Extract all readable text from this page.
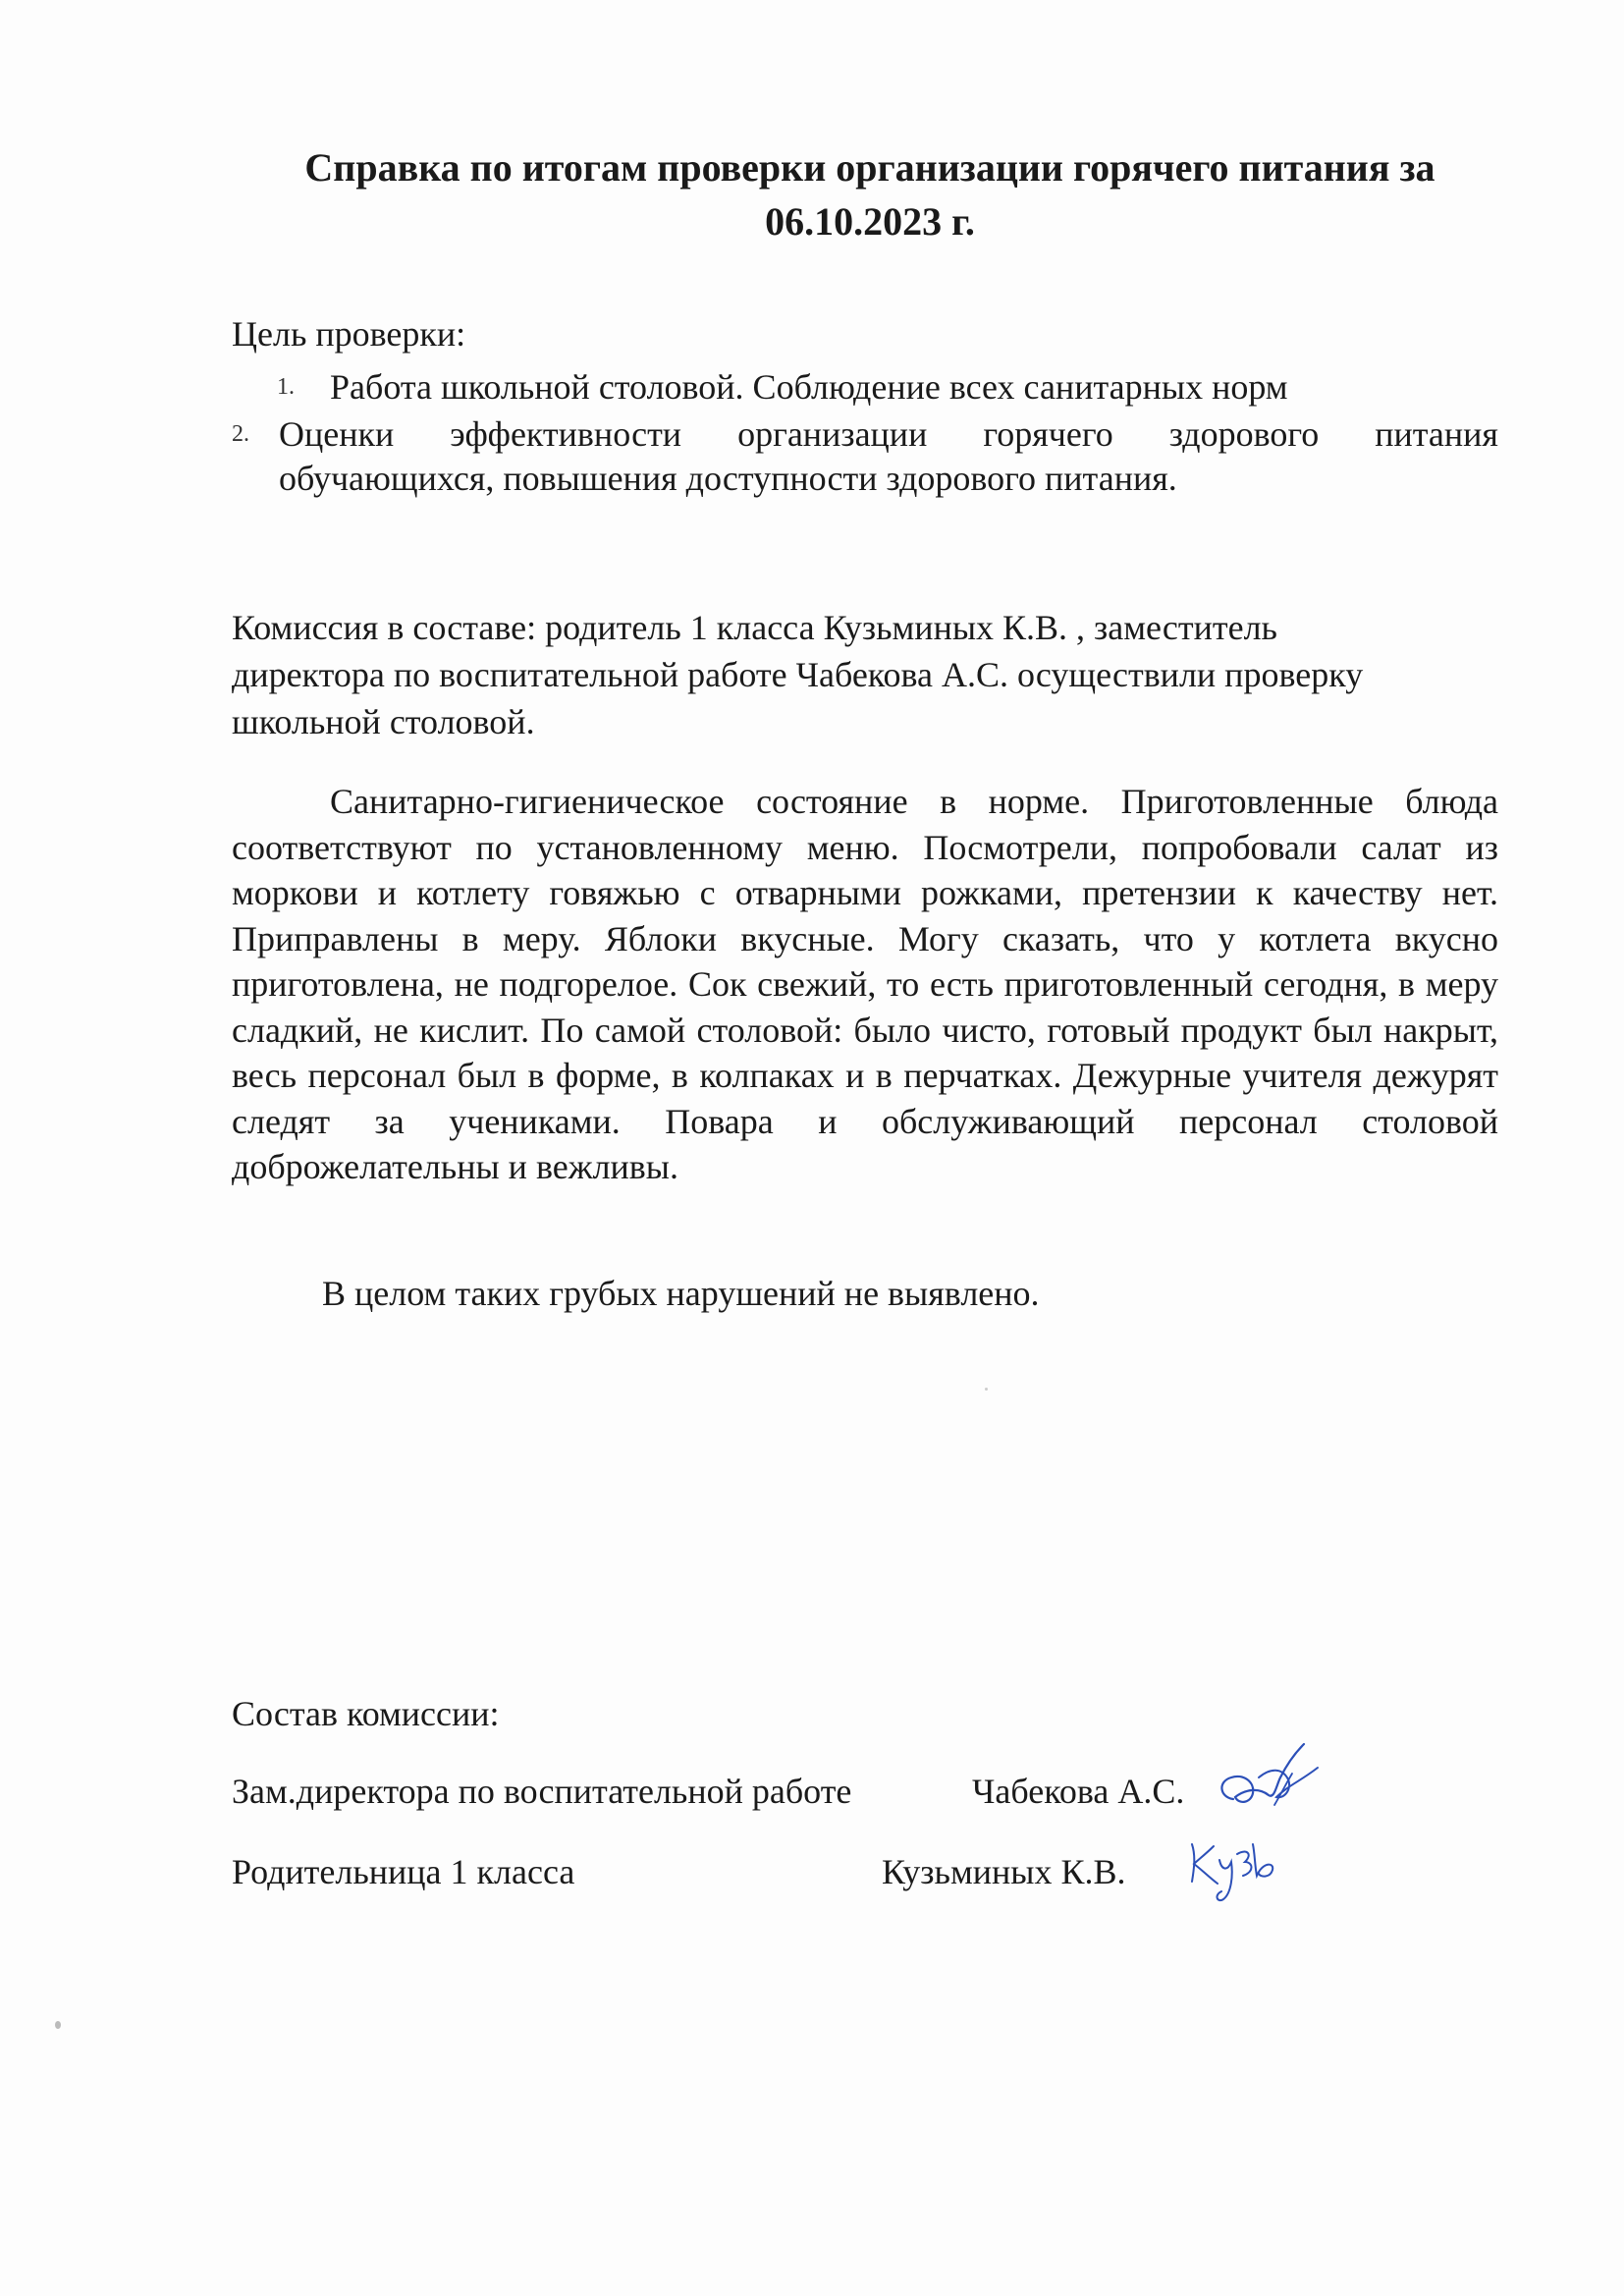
Справка по итогам проверки организации горячего питания за
06.10.2023 г.
Цель проверки:
1. Работа школьной столовой. Соблюдение всех санитарных норм
2. Оценки эффективности организации горячего здорового питания
обучающихся, повышения доступности здорового питания.
Комиссия в составе: родитель 1 класса Кузьминых К.В. , заместитель
директора по воспитательной работе Чабекова А.С. осуществили проверку
школьной столовой.
Санитарно-гигиеническое состояние в норме. Приготовленные блюда соответствуют по установленному меню. Посмотрели, попробовали салат из моркови и котлету говяжью с отварными рожками, претензии к качеству нет. Приправлены в меру. Яблоки вкусные. Могу сказать, что у котлета вкусно приготовлена, не подгорелое. Сок свежий, то есть приготовленный сегодня, в меру сладкий, не кислит. По самой столовой: было чисто, готовый продукт был накрыт, весь персонал был в форме, в колпаках и в перчатках. Дежурные учителя дежурят следят за учениками. Повара и обслуживающий персонал столовой доброжелательны и вежливы.
В целом таких грубых нарушений не выявлено.
Состав комиссии:
Зам.директора по воспитательной работе	Чабекова А.С.
Родительница 1 класса	Кузьминых К.В.
